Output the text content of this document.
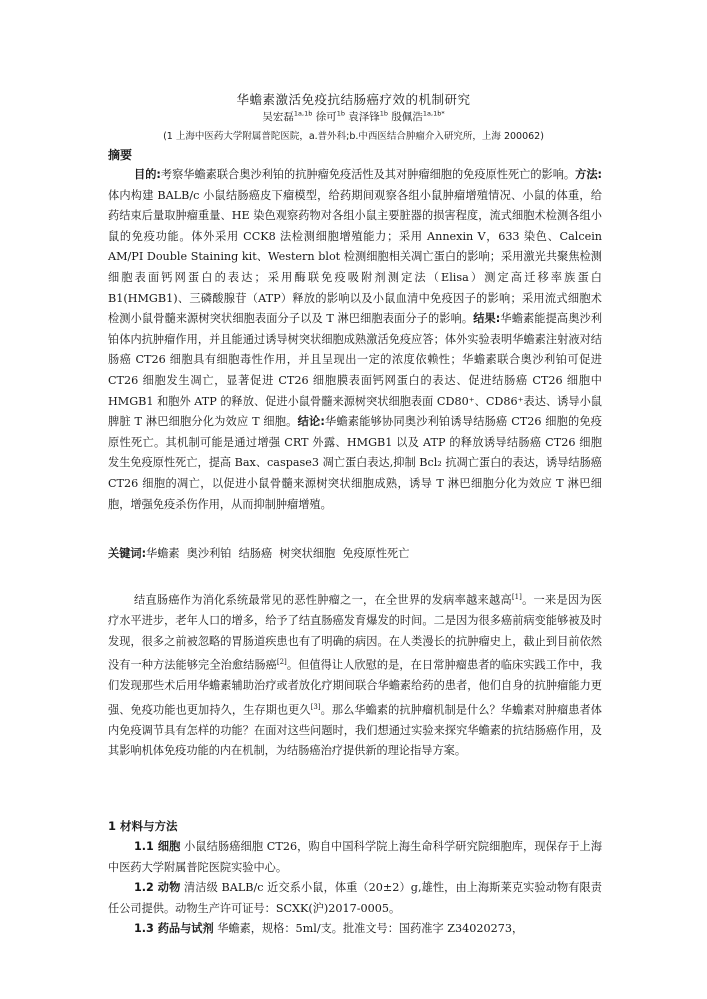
华蟾素激活免疫抗结肠癌疗效的机制研究
吴宏磊$^{1a,1b}$ 徐可$^{1b}$ 袁泽锋$^{1b}$ 殷佩浩$^{1a,1b*}$
(1 上海中医药大学附属普陀医院，a.普外科;b.中西医结合肿瘤介入研究所，上海 200062)
摘要

目的:考察华蟾素联合奥沙利铂的抗肿瘤免疫活性及其对肿瘤细胞的免疫原性死亡的影响。方法:体内构建 BALB/c 小鼠结肠癌皮下瘤模型，给药期间观察各组小鼠肿瘤增殖情况、小鼠的体重，给药结束后量取肿瘤重量、HE 染色观察药物对各组小鼠主要脏器的损害程度，流式细胞术检测各组小鼠的免疫功能。体外采用 CCK8 法检测细胞增殖能力；采用 Annexin V，633 染色、Calcein AM/PI Double Staining kit、Western blot 检测细胞相关凋亡蛋白的影响；采用激光共聚焦检测细胞表面钙网蛋白的表达；采用酶联免疫吸附剂测定法（Elisa）测定高迁移率族蛋白 B1(HMGB1)、三磷酸腺苷（ATP）释放的影响以及小鼠血清中免疫因子的影响；采用流式细胞术检测小鼠骨髓来源树突状细胞表面分子以及 T 淋巴细胞表面分子的影响。结果:华蟾素能提高奥沙利铂体内抗肿瘤作用，并且能通过诱导树突状细胞成熟激活免疫应答；体外实验表明华蟾素注射液对结肠癌 CT26 细胞具有细胞毒性作用，并且呈现出一定的浓度依赖性；华蟾素联合奥沙利铂可促进 CT26 细胞发生凋亡，显著促进 CT26 细胞膜表面钙网蛋白的表达、促进结肠癌 CT26 细胞中 HMGB1 和胞外 ATP 的释放、促进小鼠骨髓来源树突状细胞表面 CD80⁺、CD86⁺表达、诱导小鼠脾脏 T 淋巴细胞分化为效应 T 细胞。结论:华蟾素能够协同奥沙利铂诱导结肠癌 CT26 细胞的免疫原性死亡。其机制可能是通过增强 CRT 外露、HMGB1 以及 ATP 的释放诱导结肠癌 CT26 细胞发生免疫原性死亡，提高 Bax、caspase3 凋亡蛋白表达,抑制 Bcl₂ 抗凋亡蛋白的表达，诱导结肠癌 CT26 细胞的凋亡，以促进小鼠骨髓来源树突状细胞成熟，诱导 T 淋巴细胞分化为效应 T 淋巴细胞，增强免疫杀伤作用，从而抑制肿瘤增殖。

关键词:华蟾素  奥沙利铂  结肠癌  树突状细胞  免疫原性死亡

结直肠癌作为消化系统最常见的恶性肿瘤之一，在全世界的发病率越来越高[1]。一来是因为医疗水平进步，老年人口的增多，给予了结直肠癌发育爆发的时间。二是因为很多癌前病变能够被及时发现，很多之前被忽略的胃肠道疾患也有了明确的病因。在人类漫长的抗肿瘤史上，截止到目前依然没有一种方法能够完全治愈结肠癌[2]。但值得让人欣慰的是，在日常肿瘤患者的临床实践工作中，我们发现那些术后用华蟾素辅助治疗或者放化疗期间联合华蟾素给药的患者，他们自身的抗肿瘤能力更强、免疫功能也更加持久，生存期也更久[3]。那么华蟾素的抗肿瘤机制是什么？华蟾素对肿瘤患者体内免疫调节具有怎样的功能？在面对这些问题时，我们想通过实验来探究华蟾素的抗结肠癌作用，及其影响机体免疫功能的内在机制，为结肠癌治疗提供新的理论指导方案。

1 材料与方法

1.1 细胞 小鼠结肠癌细胞 CT26，购自中国科学院上海生命科学研究院细胞库，现保存于上海中医药大学附属普陀医院实验中心。

1.2 动物 清洁级 BALB/c 近交系小鼠，体重（20±2）g,雄性，由上海斯莱克实验动物有限责任公司提供。动物生产许可证号：SCXK(沪)2017-0005。

1.3 药品与试剂 华蟾素，规格：5ml/支。批准文号：国药准字 Z34020273，
